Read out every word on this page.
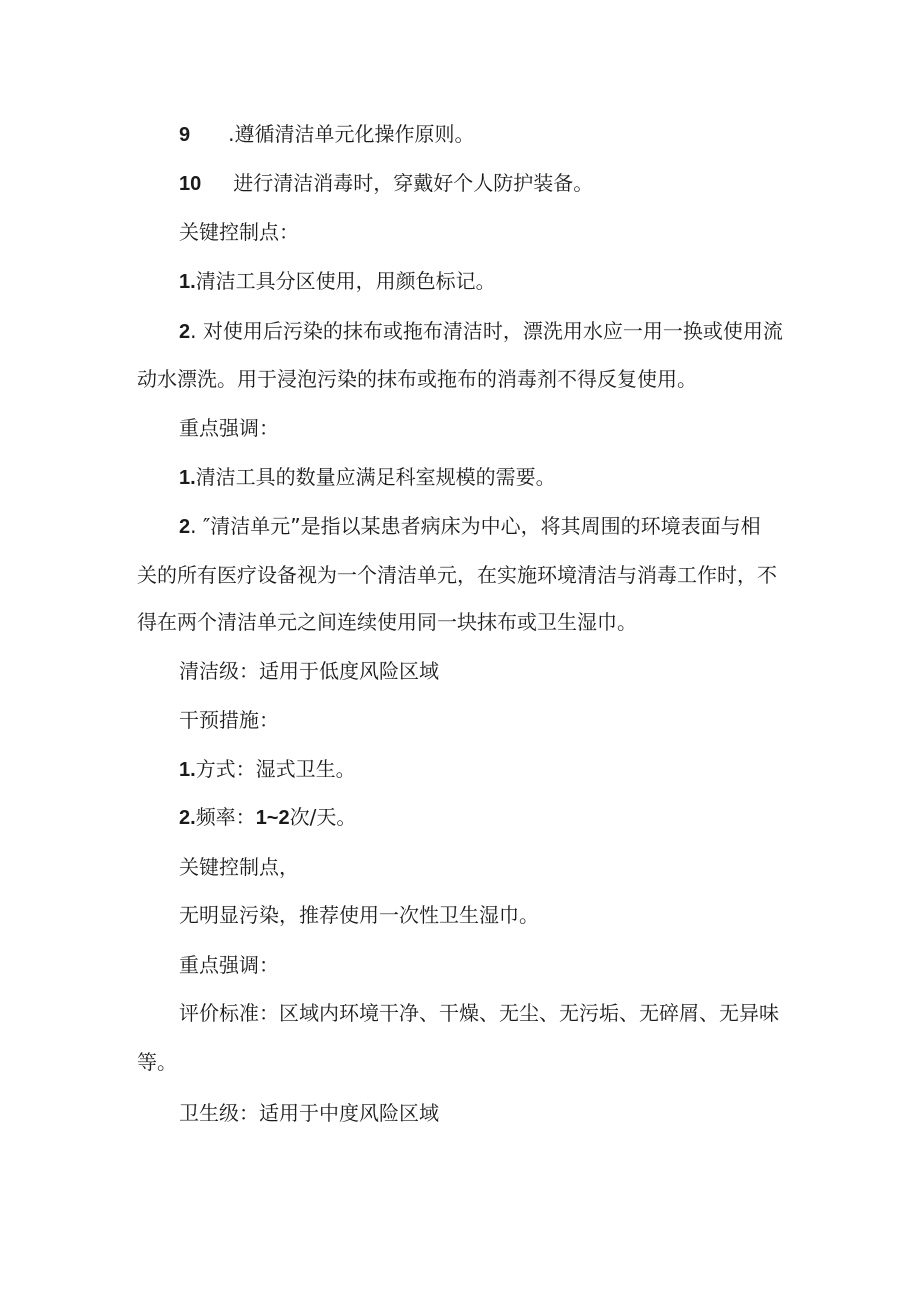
9 .遵循清洁单元化操作原则。
10 进行清洁消毒时，穿戴好个人防护装备。
关键控制点：
1.清洁工具分区使用，用颜色标记。
2. 对使用后污染的抹布或拖布清洁时，漂洗用水应一用一换或使用流
动水漂洗。用于浸泡污染的抹布或拖布的消毒剂不得反复使用。
重点强调：
1.清洁工具的数量应满足科室规模的需要。
2. ″清洁单元”是指以某患者病床为中心，将其周围的环境表面与相
关的所有医疗设备视为一个清洁单元，在实施环境清洁与消毒工作时，不
得在两个清洁单元之间连续使用同一块抹布或卫生湿巾。
清洁级：适用于低度风险区域
干预措施：
1.方式：湿式卫生。
2.频率：1~2次/天。
关键控制点，
无明显污染，推荐使用一次性卫生湿巾。
重点强调：
评价标准：区域内环境干净、干燥、无尘、无污垢、无碎屑、无异味
等。
卫生级：适用于中度风险区域
